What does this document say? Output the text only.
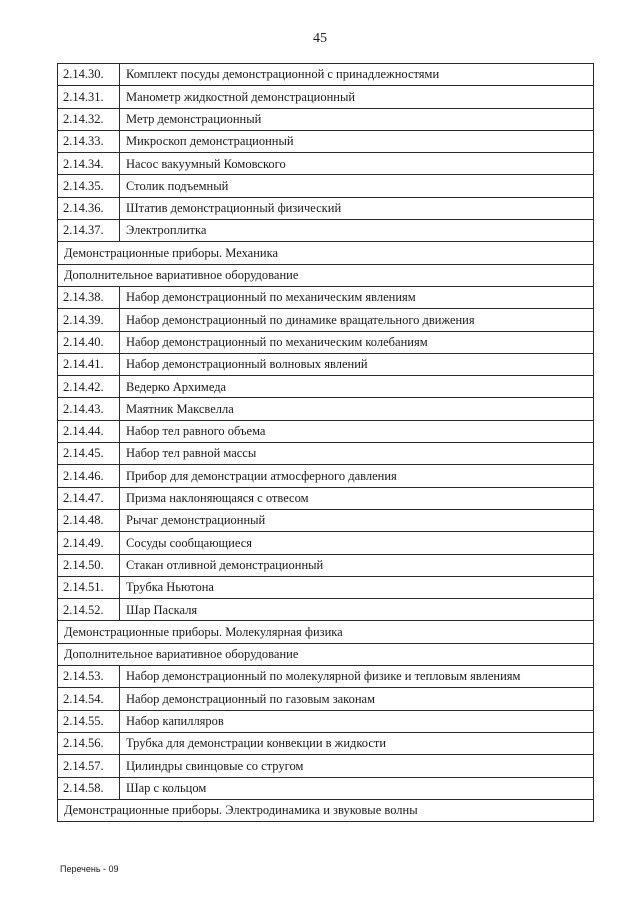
45
2.14.30.	Комплект посуды демонстрационной с принадлежностями
2.14.31.	Манометр жидкостной демонстрационный
2.14.32.	Метр демонстрационный
2.14.33.	Микроскоп демонстрационный
2.14.34.	Насос вакуумный Комовского
2.14.35.	Столик подъемный
2.14.36.	Штатив демонстрационный физический
2.14.37.	Электроплитка
Демонстрационные приборы. Механика	
Дополнительное вариативное оборудование	
2.14.38.	Набор демонстрационный по механическим явлениям
2.14.39.	Набор демонстрационный по динамике вращательного движения
2.14.40.	Набор демонстрационный по механическим колебаниям
2.14.41.	Набор демонстрационный волновых явлений
2.14.42.	Ведерко Архимеда
2.14.43.	Маятник Максвелла
2.14.44.	Набор тел равного объема
2.14.45.	Набор тел равной массы
2.14.46.	Прибор для демонстрации атмосферного давления
2.14.47.	Призма наклоняющаяся с отвесом
2.14.48.	Рычаг демонстрационный
2.14.49.	Сосуды сообщающиеся
2.14.50.	Стакан отливной демонстрационный
2.14.51.	Трубка Ньютона
2.14.52.	Шар Паскаля
Демонстрационные приборы. Молекулярная физика	
Дополнительное вариативное оборудование	
2.14.53.	Набор демонстрационный по молекулярной физике и тепловым явлениям
2.14.54.	Набор демонстрационный по газовым законам
2.14.55.	Набор капилляров
2.14.56.	Трубка для демонстрации конвекции в жидкости
2.14.57.	Цилиндры свинцовые со стругом
2.14.58.	Шар с кольцом
Демонстрационные приборы. Электродинамика и звуковые волны	
Перечень - 09
